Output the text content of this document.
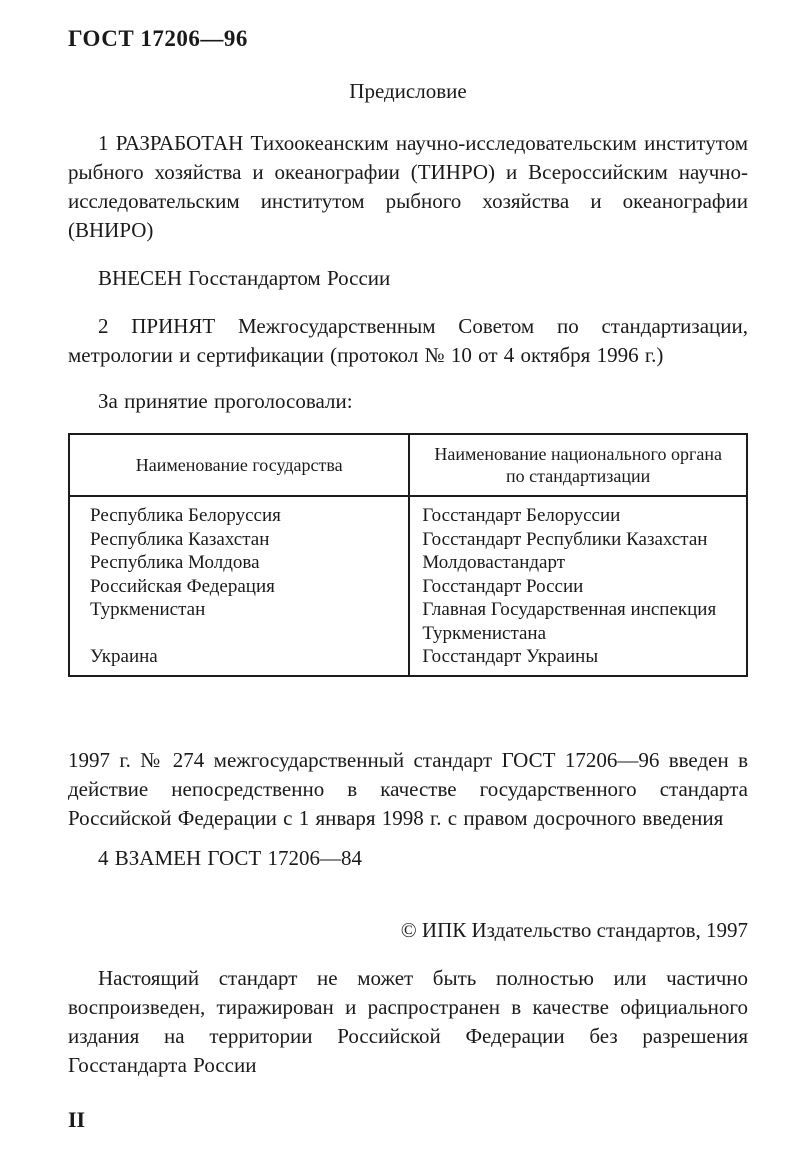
ГОСТ 17206—96
Предисловие

1 РАЗРАБОТАН Тихоокеанским научно-исследовательским институтом рыбного хозяйства и океанографии (ТИНРО) и Всероссийским научно-исследовательским институтом рыбного хозяйства и океанографии (ВНИРО)

ВНЕСЕН Госстандартом России

2 ПРИНЯТ Межгосударственным Советом по стандартизации, метрологии и сертификации (протокол № 10 от 4 октября 1996 г.)

За принятие проголосовали:

Наименование государства	Наименование национального органа по стандартизации
Республика Белоруссия	Госстандарт Белоруссии
Республика Казахстан	Госстандарт Республики Казахстан
Республика Молдова	Молдовастандарт
Российская Федерация	Госстандарт России
Туркменистан	Главная Государственная инспекция Туркменистана
Украина	Госстандарт Украины

1997 г. № 274 межгосударственный стандарт ГОСТ 17206—96 введен в действие непосредственно в качестве государственного стандарта Российской Федерации с 1 января 1998 г. с правом досрочного введения

4 ВЗАМЕН ГОСТ 17206—84

© ИПК Издательство стандартов, 1997

Настоящий стандарт не может быть полностью или частично воспроизведен, тиражирован и распространен в качестве официального издания на территории Российской Федерации без разрешения Госстандарта России

II
